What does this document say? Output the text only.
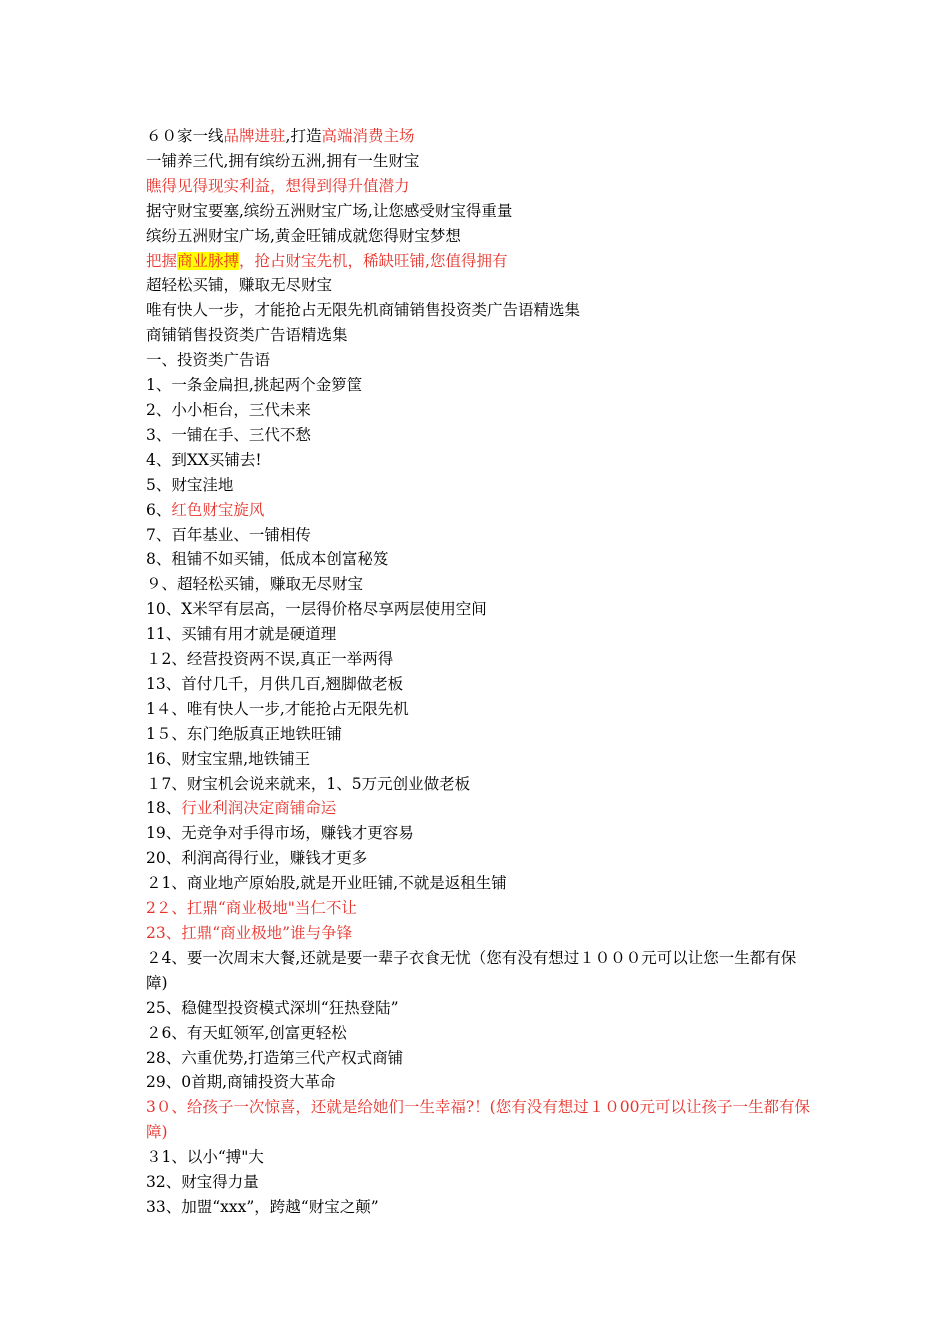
６０家一线品牌进驻,打造高端消费主场
一铺养三代,拥有缤纷五洲,拥有一生财宝
瞧得见得现实利益，想得到得升值潜力
据守财宝要塞,缤纷五洲财宝广场,让您感受财宝得重量
缤纷五洲财宝广场,黄金旺铺成就您得财宝梦想
把握商业脉搏，抢占财宝先机，稀缺旺铺,您值得拥有
超轻松买铺，赚取无尽财宝
唯有快人一步，才能抢占无限先机商铺销售投资类广告语精选集
商铺销售投资类广告语精选集
一、投资类广告语
1、一条金扁担,挑起两个金箩筐
2、小小柜台，三代未来
3、一铺在手、三代不愁
4、到XX买铺去!
5、财宝洼地
6、红色财宝旋风
7、百年基业、一铺相传
8、租铺不如买铺，低成本创富秘笈
９、超轻松买铺，赚取无尽财宝
10、X米罕有层高，一层得价格尽享两层使用空间
11、买铺有用才就是硬道理
１2、经营投资两不误,真正一举两得
13、首付几千，月供几百,翘脚做老板
1４、唯有快人一步,才能抢占无限先机
1５、东门绝版真正地铁旺铺
16、财宝宝鼎,地铁铺王
１7、财宝机会说来就来，1、5万元创业做老板
18、行业利润决定商铺命运
19、无竞争对手得市场，赚钱才更容易
20、利润高得行业，赚钱才更多
２1、商业地产原始股,就是开业旺铺,不就是返租生铺
2２、扛鼎“商业极地"当仁不让
23、扛鼎“商业极地”谁与争锋
２4、要一次周末大餐,还就是要一辈子衣食无忧（您有没有想过１０００元可以让您一生都有保障)
25、稳健型投资模式深圳“狂热登陆”
２6、有天虹领军,创富更轻松
28、六重优势,打造第三代产权式商铺
29、0首期,商铺投资大革命
3０、给孩子一次惊喜，还就是给她们一生幸福?！(您有没有想过１０00元可以让孩子一生都有保障)
３1、以小“搏"大
32、财宝得力量
33、加盟“xxx”，跨越“财宝之颠”
